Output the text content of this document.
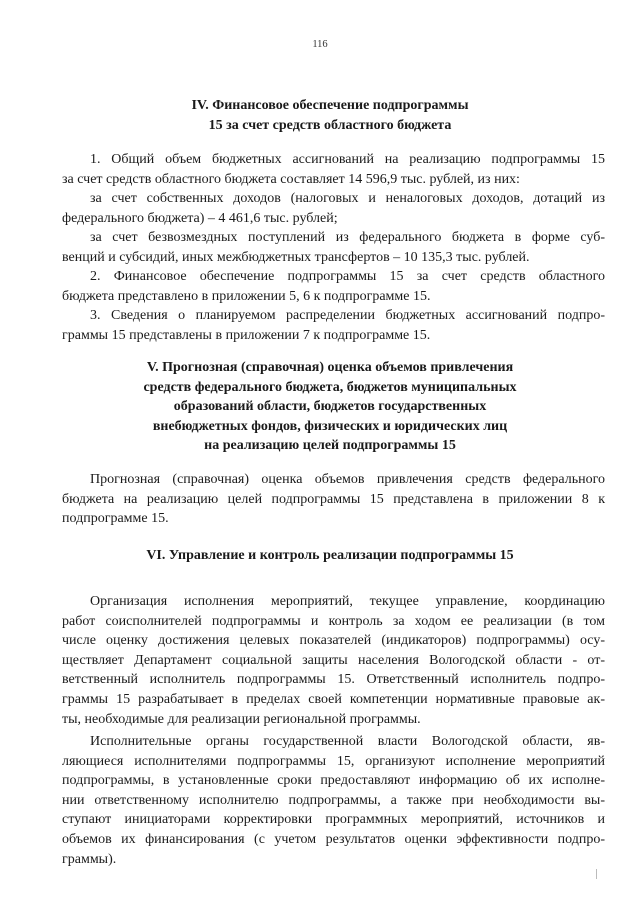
116
IV. Финансовое обеспечение подпрограммы
15 за счет средств областного бюджета
1. Общий объем бюджетных ассигнований на реализацию подпрограммы 15
за счет средств областного бюджета составляет 14 596,9 тыс. рублей, из них:
за счет собственных доходов (налоговых и неналоговых доходов, дотаций из
федерального бюджета) – 4 461,6 тыс. рублей;
за счет безвозмездных поступлений из федерального бюджета в форме суб-
венций и субсидий, иных межбюджетных трансфертов – 10 135,3 тыс. рублей.
2. Финансовое обеспечение подпрограммы 15 за счет средств областного
бюджета представлено в приложении 5, 6 к подпрограмме 15.
3. Сведения о планируемом распределении бюджетных ассигнований подпро-
граммы 15 представлены в приложении 7 к подпрограмме 15.
V. Прогнозная (справочная) оценка объемов привлечения
средств федерального бюджета, бюджетов муниципальных
образований области, бюджетов государственных
внебюджетных фондов, физических и юридических лиц
на реализацию целей подпрограммы 15
Прогнозная (справочная) оценка объемов привлечения средств федерального
бюджета на реализацию целей подпрограммы 15 представлена в приложении 8 к
подпрограмме 15.
VI. Управление и контроль реализации подпрограммы 15
Организация исполнения мероприятий, текущее управление, координацию
работ соисполнителей подпрограммы и контроль за ходом ее реализации (в том
числе оценку достижения целевых показателей (индикаторов) подпрограммы) осу-
ществляет Департамент социальной защиты населения Вологодской области - от-
ветственный исполнитель подпрограммы 15. Ответственный исполнитель подпро-
граммы 15 разрабатывает в пределах своей компетенции нормативные правовые ак-
ты, необходимые для реализации региональной программы.
Исполнительные органы государственной власти Вологодской области, яв-
ляющиеся исполнителями подпрограммы 15, организуют исполнение мероприятий
подпрограммы, в установленные сроки предоставляют информацию об их исполне-
нии ответственному исполнителю подпрограммы, а также при необходимости вы-
ступают инициаторами корректировки программных мероприятий, источников и
объемов их финансирования (с учетом результатов оценки эффективности подпро-
граммы).
